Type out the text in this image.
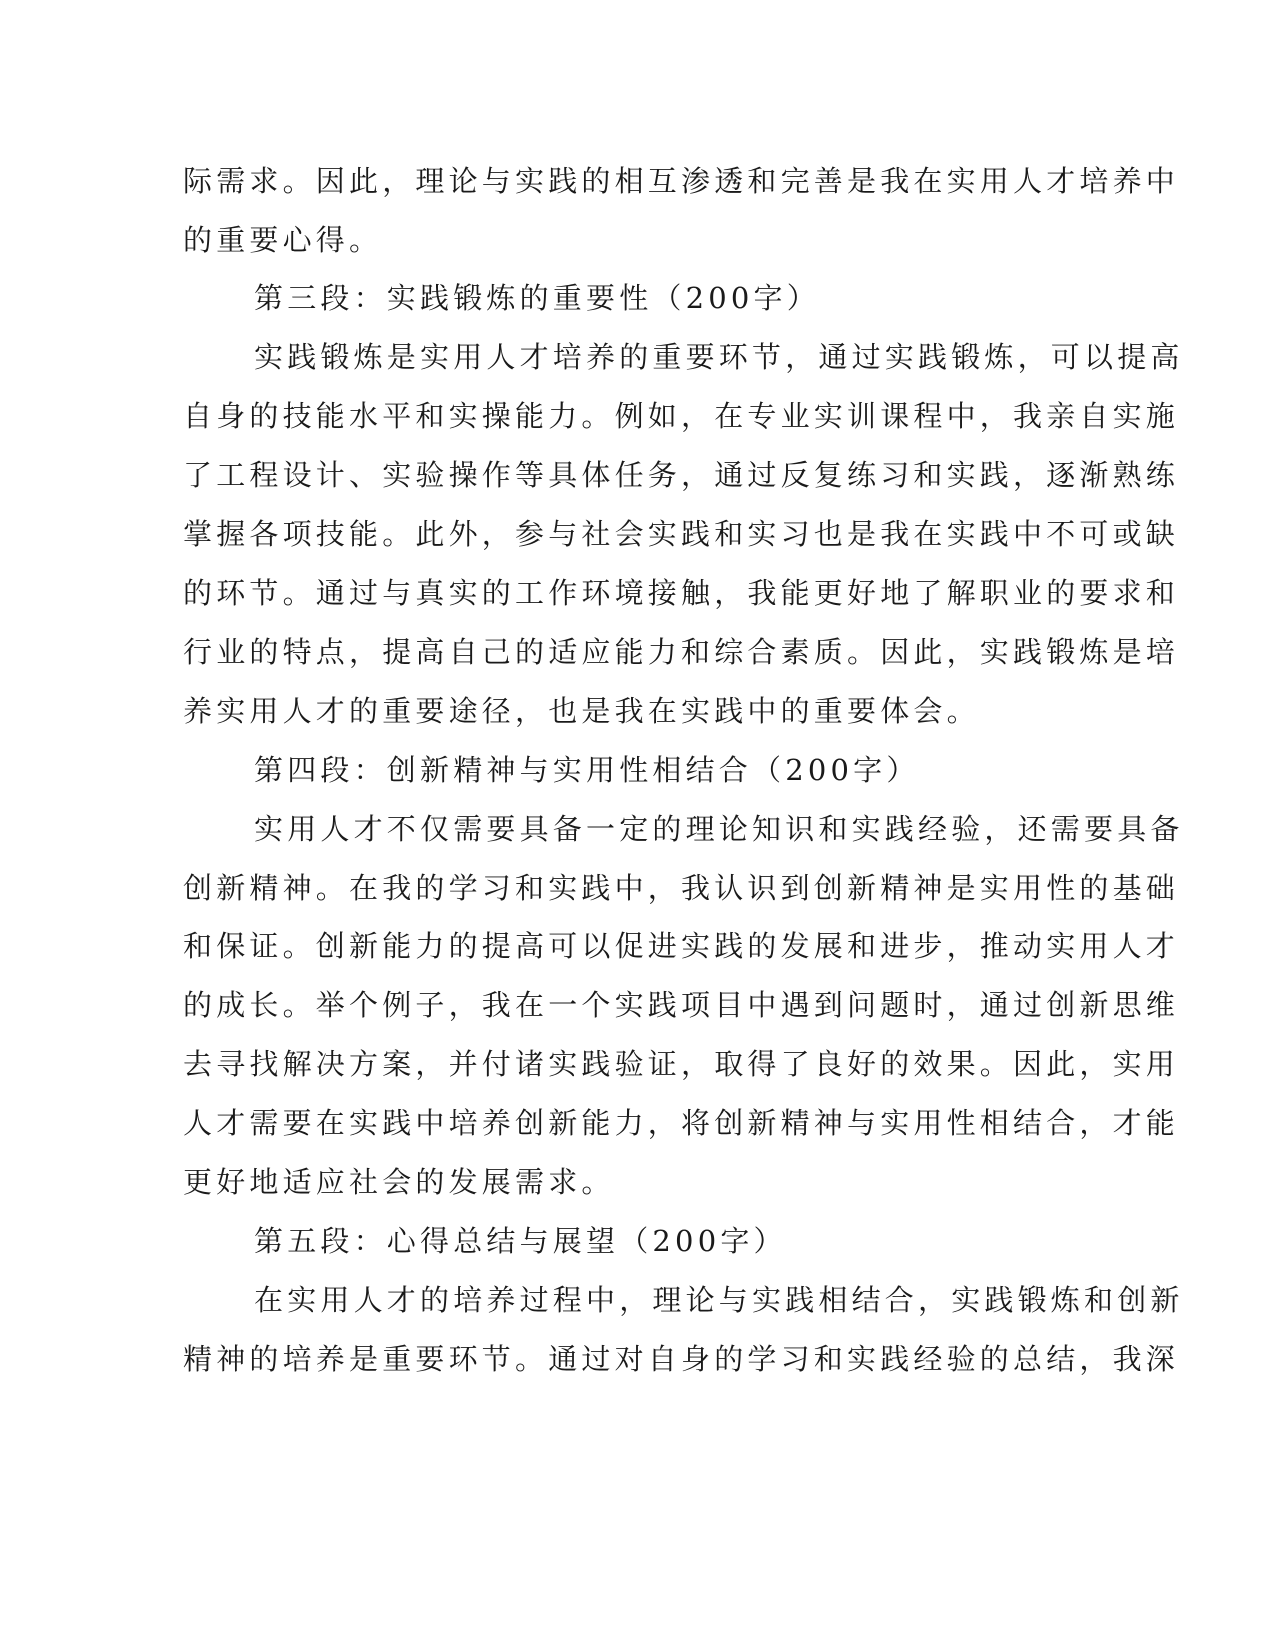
际需求。因此，理论与实践的相互渗透和完善是我在实用人才培养中
的重要心得。
第三段：实践锻炼的重要性（200字）
实践锻炼是实用人才培养的重要环节，通过实践锻炼，可以提高
自身的技能水平和实操能力。例如，在专业实训课程中，我亲自实施
了工程设计、实验操作等具体任务，通过反复练习和实践，逐渐熟练
掌握各项技能。此外，参与社会实践和实习也是我在实践中不可或缺
的环节。通过与真实的工作环境接触，我能更好地了解职业的要求和
行业的特点，提高自己的适应能力和综合素质。因此，实践锻炼是培
养实用人才的重要途径，也是我在实践中的重要体会。
第四段：创新精神与实用性相结合（200字）
实用人才不仅需要具备一定的理论知识和实践经验，还需要具备
创新精神。在我的学习和实践中，我认识到创新精神是实用性的基础
和保证。创新能力的提高可以促进实践的发展和进步，推动实用人才
的成长。举个例子，我在一个实践项目中遇到问题时，通过创新思维
去寻找解决方案，并付诸实践验证，取得了良好的效果。因此，实用
人才需要在实践中培养创新能力，将创新精神与实用性相结合，才能
更好地适应社会的发展需求。
第五段：心得总结与展望（200字）
在实用人才的培养过程中，理论与实践相结合，实践锻炼和创新
精神的培养是重要环节。通过对自身的学习和实践经验的总结，我深
